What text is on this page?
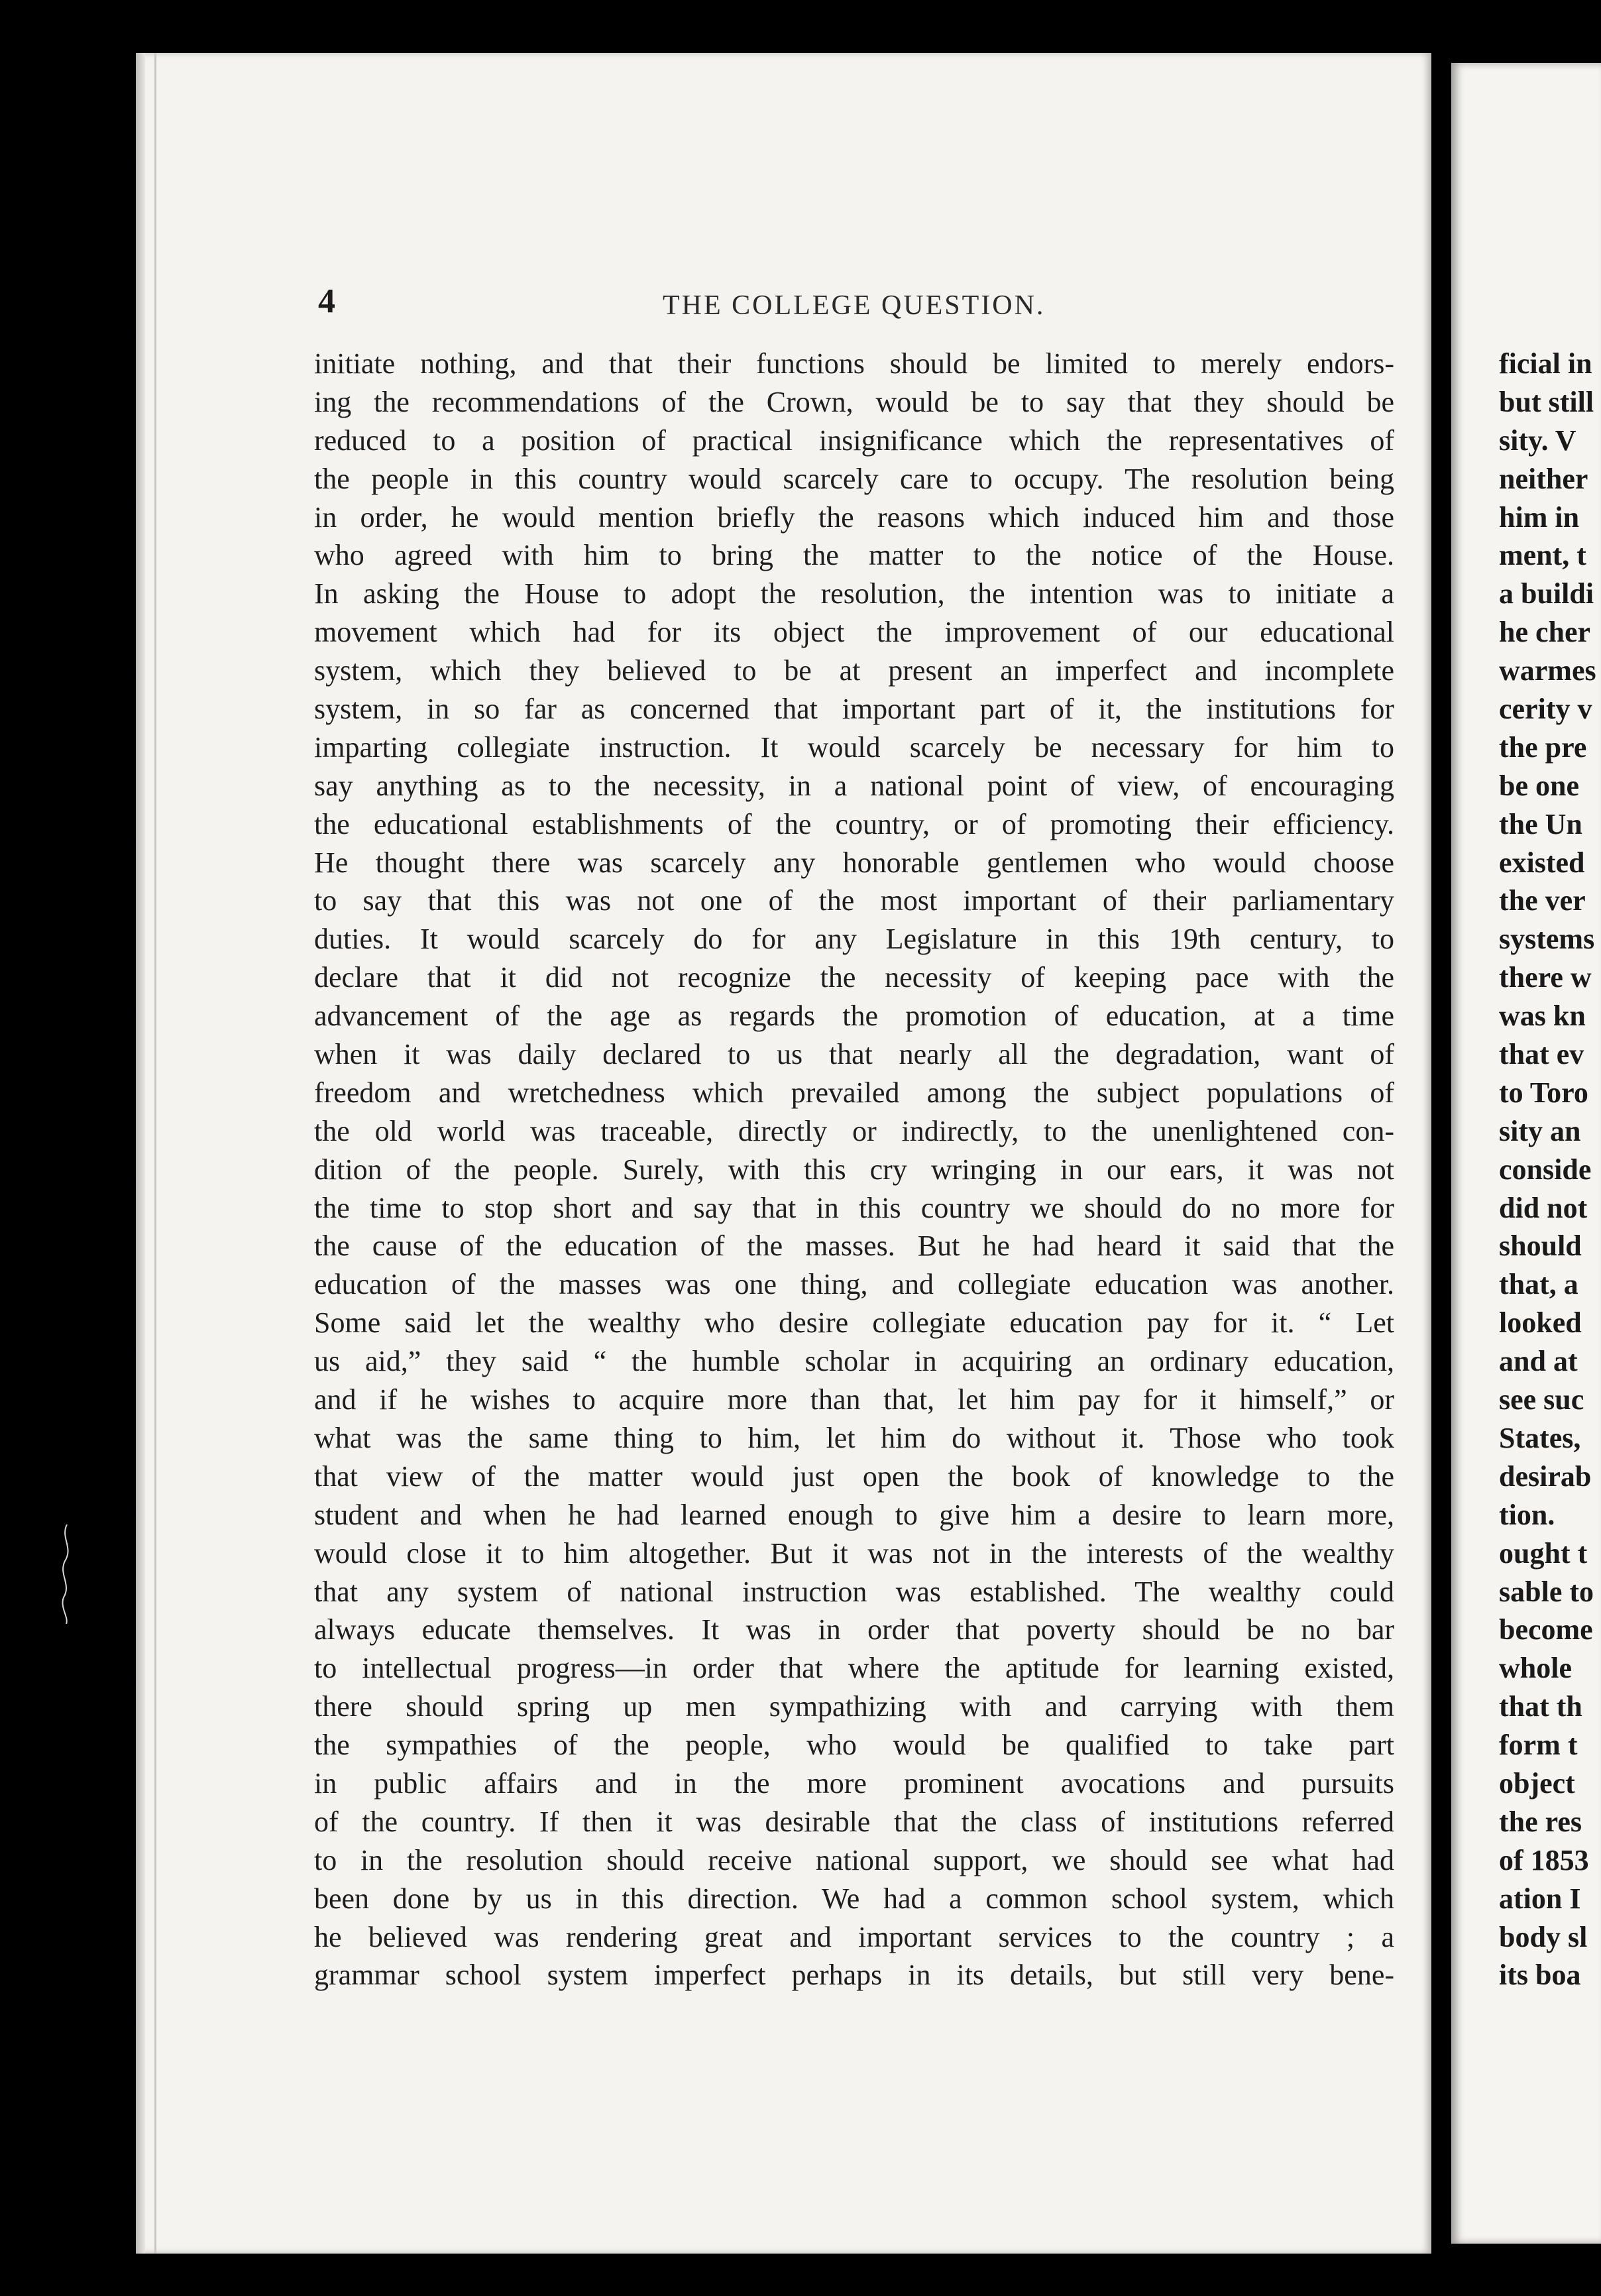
4	THE COLLEGE QUESTION.
initiate nothing, and that their functions should be limited to merely endors-
ing the recommendations of the Crown, would be to say that they should be
reduced to a position of practical insignificance which the representatives of
the people in this country would scarcely care to occupy. The resolution being
in order, he would mention briefly the reasons which induced him and those
who agreed with him to bring the matter to the notice of the House.
In asking the House to adopt the resolution, the intention was to initiate a
movement which had for its object the improvement of our educational
system, which they believed to be at present an imperfect and incomplete
system, in so far as concerned that important part of it, the institutions for
imparting collegiate instruction. It would scarcely be necessary for him to
say anything as to the necessity, in a national point of view, of encouraging
the educational establishments of the country, or of promoting their efficiency.
He thought there was scarcely any honorable gentlemen who would choose
to say that this was not one of the most important of their parliamentary
duties. It would scarcely do for any Legislature in this 19th century, to
declare that it did not recognize the necessity of keeping pace with the
advancement of the age as regards the promotion of education, at a time
when it was daily declared to us that nearly all the degradation, want of
freedom and wretchedness which prevailed among the subject populations of
the old world was traceable, directly or indirectly, to the unenlightened con-
dition of the people. Surely, with this cry wringing in our ears, it was not
the time to stop short and say that in this country we should do no more for
the cause of the education of the masses. But he had heard it said that the
education of the masses was one thing, and collegiate education was another.
Some said let the wealthy who desire collegiate education pay for it. “ Let
us aid,” they said “ the humble scholar in acquiring an ordinary education,
and if he wishes to acquire more than that, let him pay for it himself,” or
what was the same thing to him, let him do without it. Those who took
that view of the matter would just open the book of knowledge to the
student and when he had learned enough to give him a desire to learn more,
would close it to him altogether. But it was not in the interests of the wealthy
that any system of national instruction was established. The wealthy could
always educate themselves. It was in order that poverty should be no bar
to intellectual progress—in order that where the aptitude for learning existed,
there should spring up men sympathizing with and carrying with them
the sympathies of the people, who would be qualified to take part
in public affairs and in the more prominent avocations and pursuits
of the country. If then it was desirable that the class of institutions referred
to in the resolution should receive national support, we should see what had
been done by us in this direction. We had a common school system, which
he believed was rendering great and important services to the country ; a
grammar school system imperfect perhaps in its details, but still very bene-
ficial in
but still
sity. V
neither
him in
ment, t
a buildi
he cher
warmes
cerity v
the pre
be one
the Un
existed
the ver
systems
there w
was kn
that ev
to Toro
sity an
conside
did not
should
that, a
looked
and at
see suc
States,
desirab
tion.
ought t
sable to
become
whole
that th
form t
object
the res
of 1853
ation I
body sl
its boa
